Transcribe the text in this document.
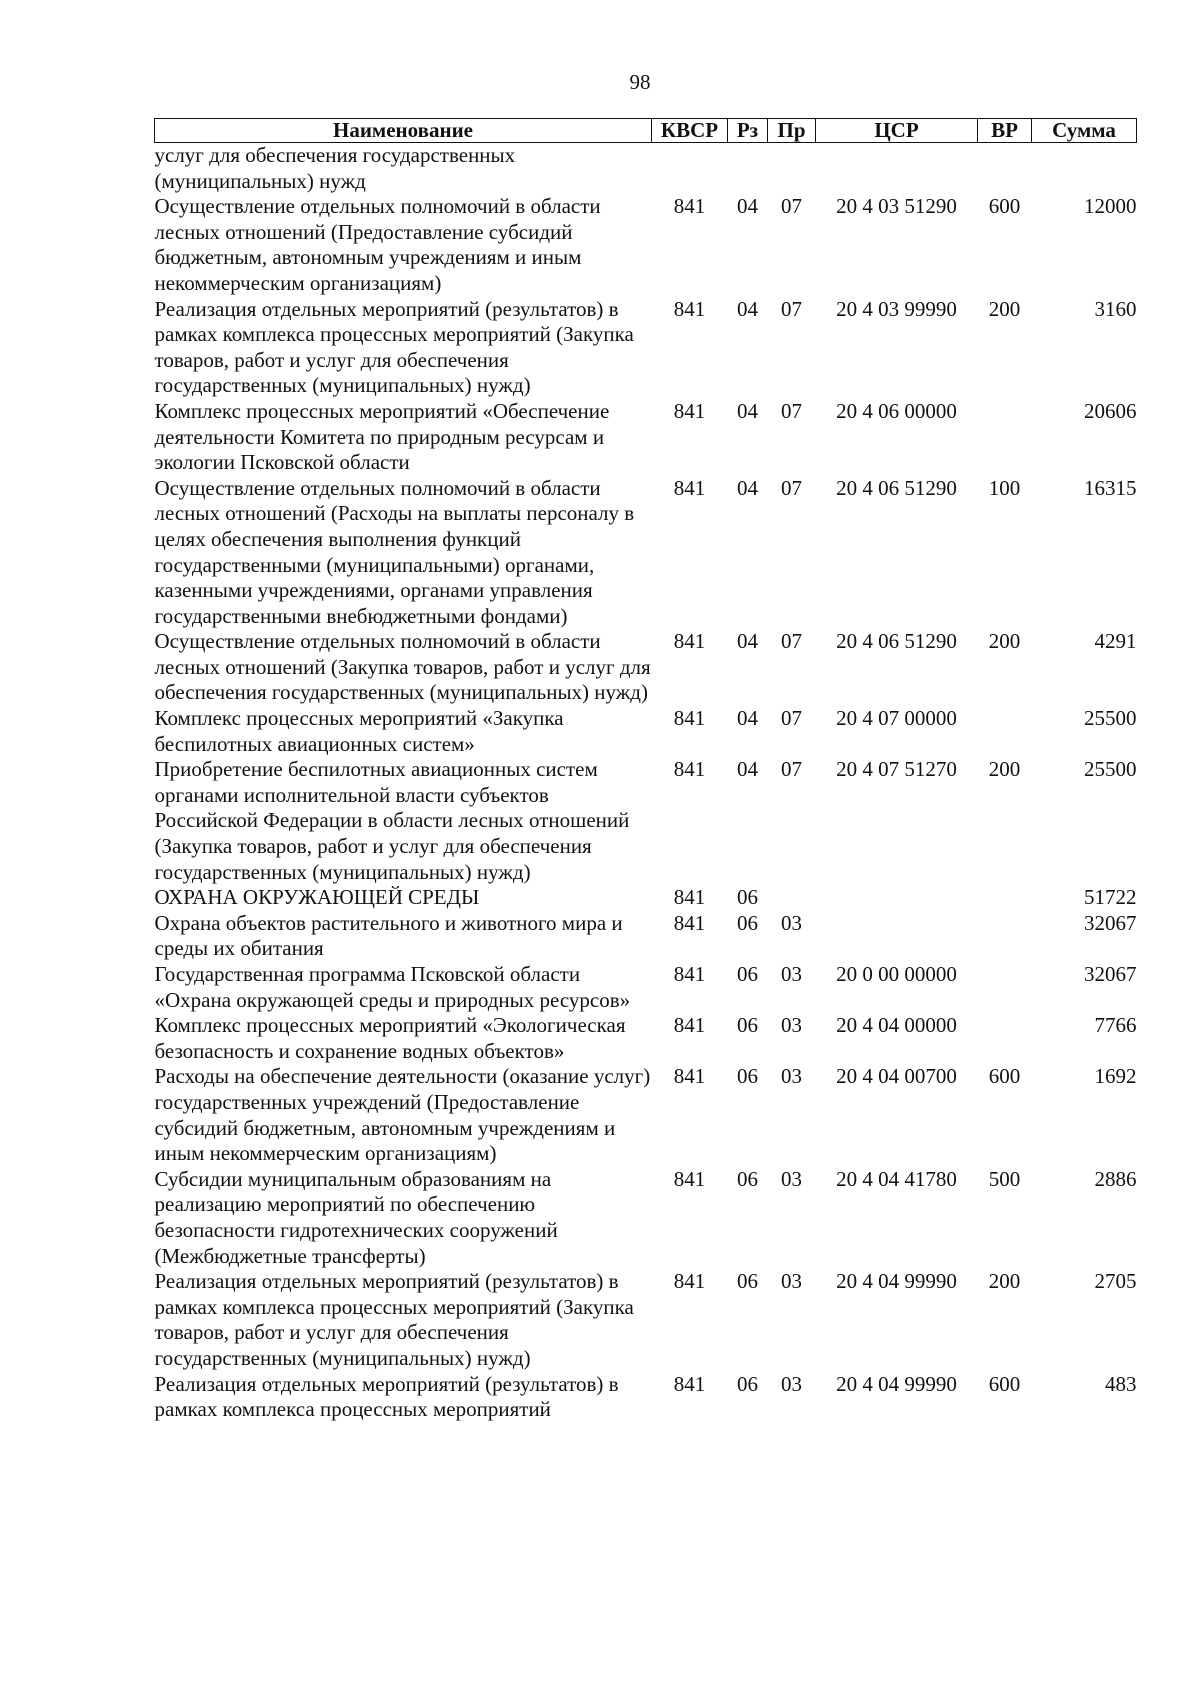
98
Наименование	КВСР	Рз	Пр	ЦСР	ВР	Сумма
услуг для обеспечения государственных (муниципальных) нужд						
Осуществление отдельных полномочий в области лесных отношений (Предоставление субсидий бюджетным, автономным учреждениям и иным некоммерческим организациям)	841	04	07	20 4 03 51290	600	12000
Реализация отдельных мероприятий (результатов) в рамках комплекса процессных мероприятий (Закупка товаров, работ и услуг для обеспечения государственных (муниципальных) нужд)	841	04	07	20 4 03 99990	200	3160
Комплекс процессных мероприятий «Обеспечение деятельности Комитета по природным ресурсам и экологии Псковской области	841	04	07	20 4 06 00000		20606
Осуществление отдельных полномочий в области лесных отношений (Расходы на выплаты персоналу в целях обеспечения выполнения функций государственными (муниципальными) органами, казенными учреждениями, органами управления государственными внебюджетными фондами)	841	04	07	20 4 06 51290	100	16315
Осуществление отдельных полномочий в области лесных отношений (Закупка товаров, работ и услуг для обеспечения государственных (муниципальных) нужд)	841	04	07	20 4 06 51290	200	4291
Комплекс процессных мероприятий «Закупка беспилотных авиационных систем»	841	04	07	20 4 07 00000		25500
Приобретение беспилотных авиационных систем органами исполнительной власти субъектов Российской Федерации в области лесных отношений (Закупка товаров, работ и услуг для обеспечения государственных (муниципальных) нужд)	841	04	07	20 4 07 51270	200	25500
ОХРАНА ОКРУЖАЮЩЕЙ СРЕДЫ	841	06				51722
Охрана объектов растительного и животного мира и среды их обитания	841	06	03			32067
Государственная программа Псковской области «Охрана окружающей среды и природных ресурсов»	841	06	03	20 0 00 00000		32067
Комплекс процессных мероприятий «Экологическая безопасность и сохранение водных объектов»	841	06	03	20 4 04 00000		7766
Расходы на обеспечение деятельности (оказание услуг) государственных учреждений (Предоставление субсидий бюджетным, автономным учреждениям и иным некоммерческим организациям)	841	06	03	20 4 04 00700	600	1692
Субсидии муниципальным образованиям на реализацию мероприятий по обеспечению безопасности гидротехнических сооружений (Межбюджетные трансферты)	841	06	03	20 4 04 41780	500	2886
Реализация отдельных мероприятий (результатов) в рамках комплекса процессных мероприятий (Закупка товаров, работ и услуг для обеспечения государственных (муниципальных) нужд)	841	06	03	20 4 04 99990	200	2705
Реализация отдельных мероприятий (результатов) в рамках комплекса процессных мероприятий	841	06	03	20 4 04 99990	600	483
